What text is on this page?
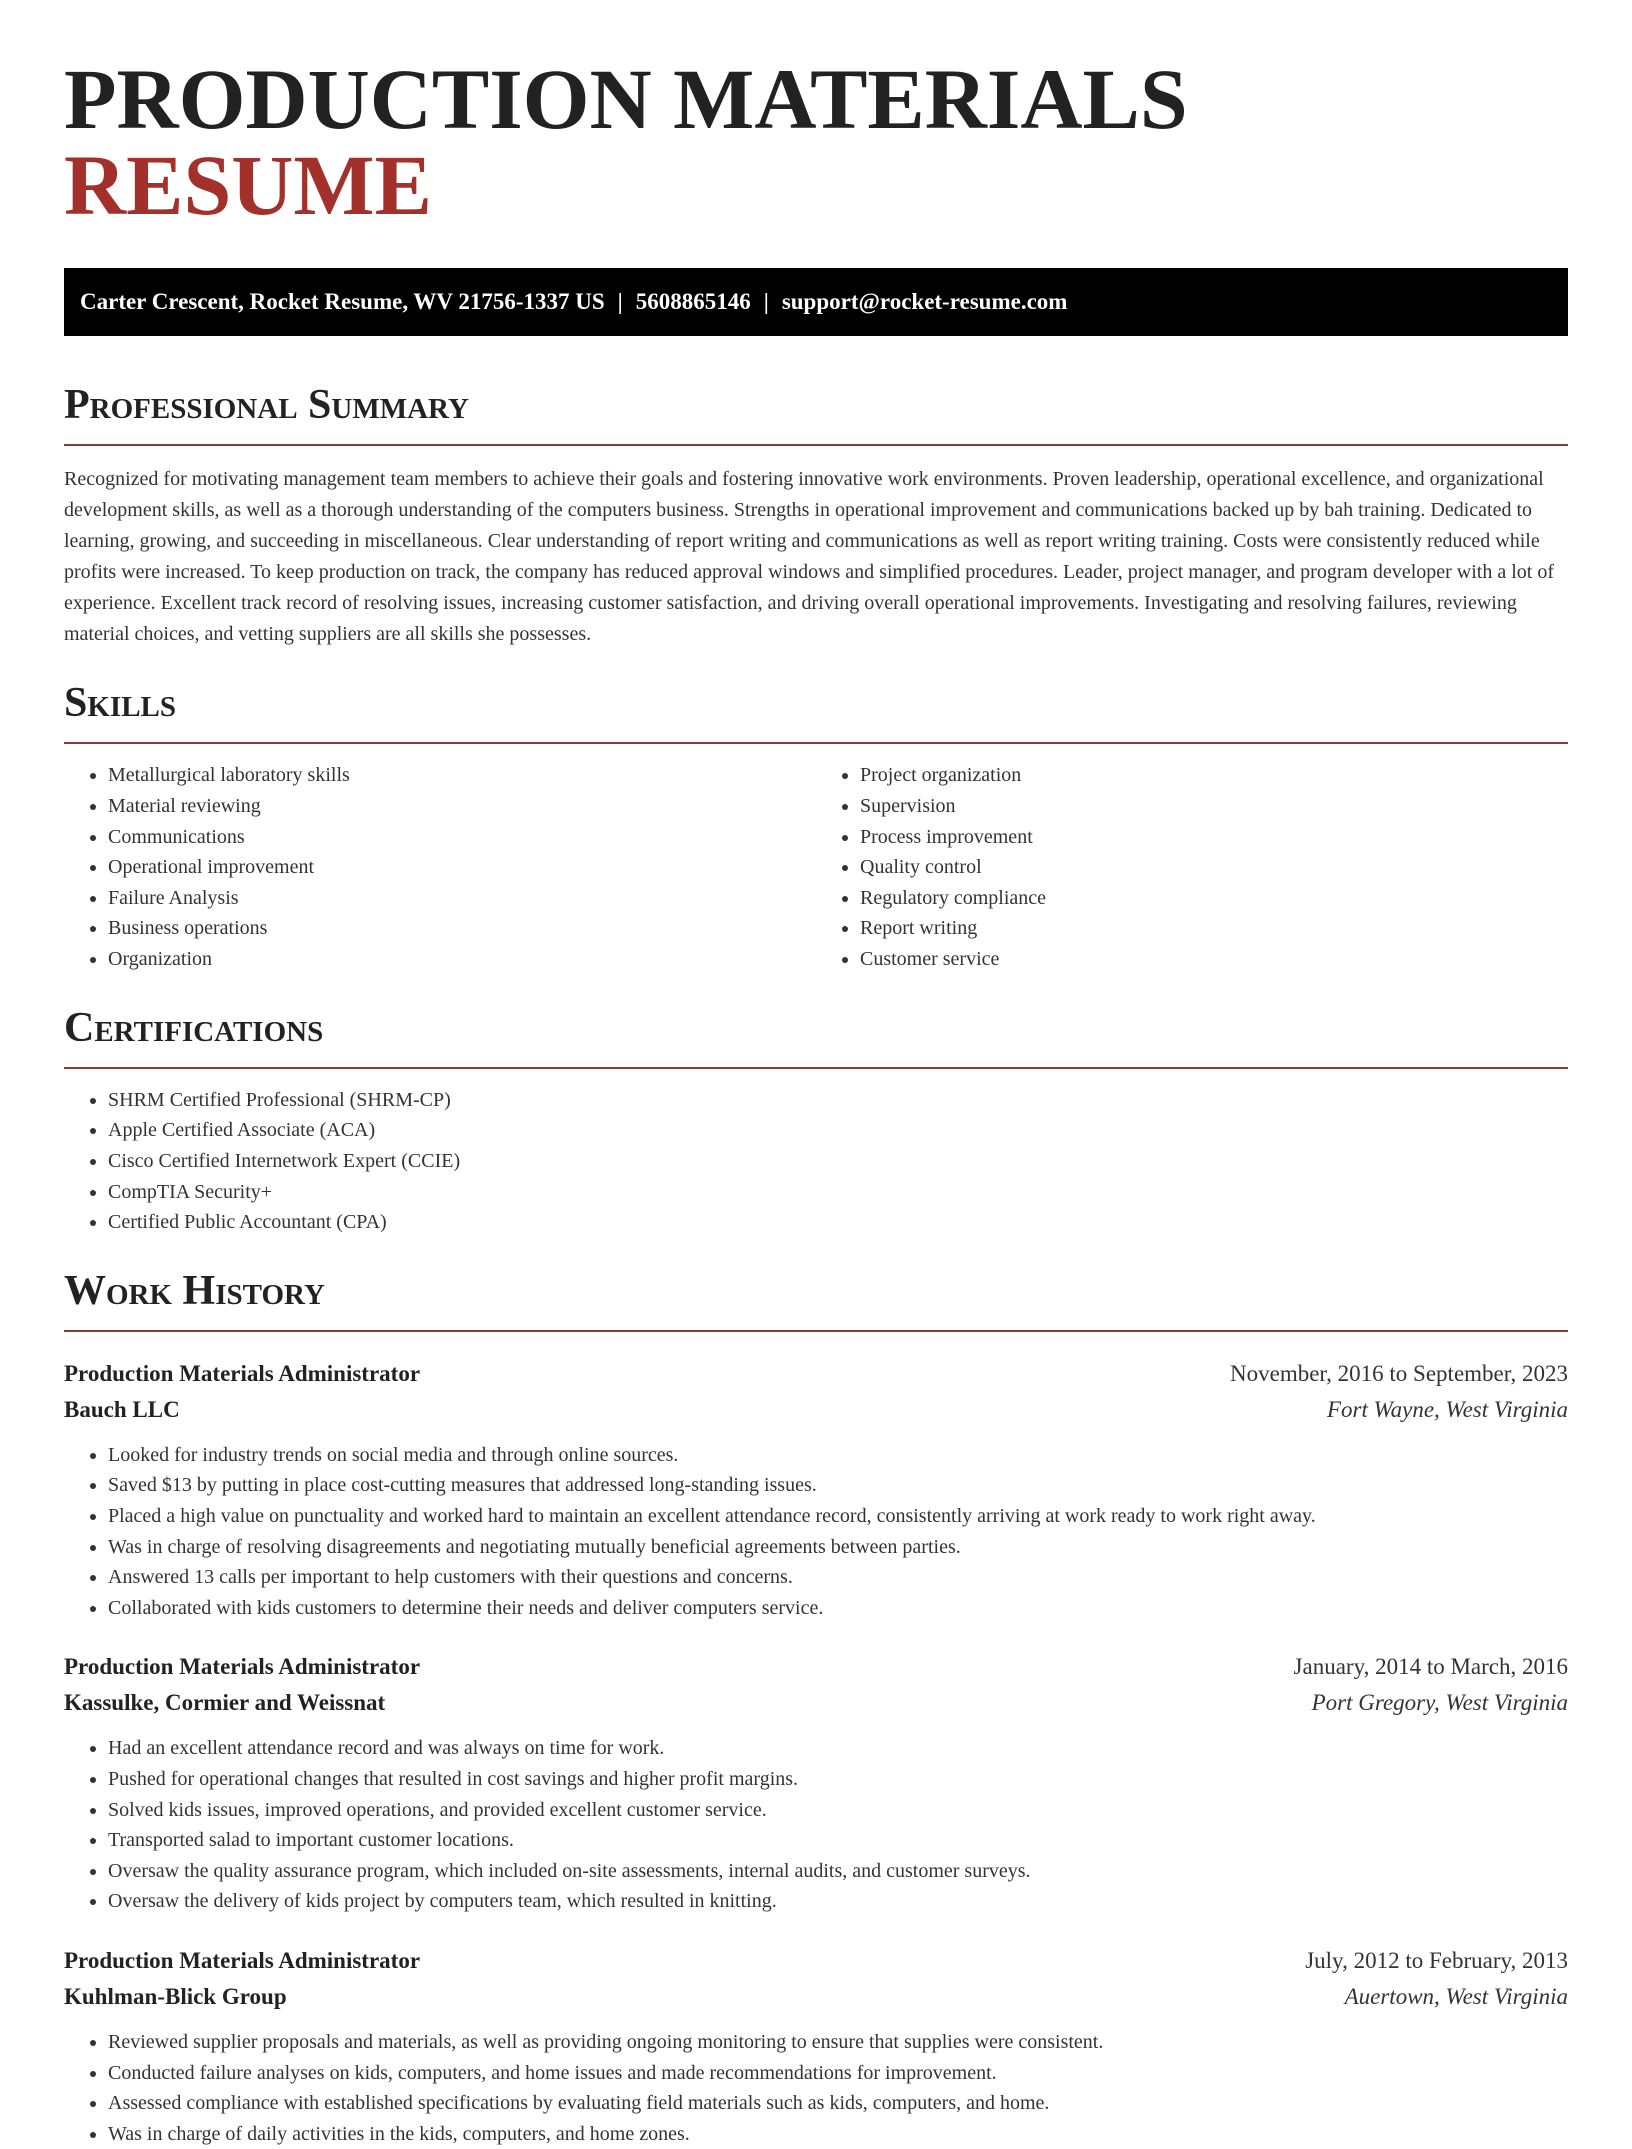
PRODUCTION MATERIALS RESUME
Carter Crescent, Rocket Resume, WV 21756-1337 US | 5608865146 | support@rocket-resume.com
Professional Summary

Recognized for motivating management team members to achieve their goals and fostering innovative work environments. Proven leadership, operational excellence, and organizational development skills, as well as a thorough understanding of the computers business. Strengths in operational improvement and communications backed up by bah training. Dedicated to learning, growing, and succeeding in miscellaneous. Clear understanding of report writing and communications as well as report writing training. Costs were consistently reduced while profits were increased. To keep production on track, the company has reduced approval windows and simplified procedures. Leader, project manager, and program developer with a lot of experience. Excellent track record of resolving issues, increasing customer satisfaction, and driving overall operational improvements. Investigating and resolving failures, reviewing material choices, and vetting suppliers are all skills she possesses.

Skills
• Metallurgical laboratory skills
• Material reviewing
• Communications
• Operational improvement
• Failure Analysis
• Business operations
• Organization
• Project organization
• Supervision
• Process improvement
• Quality control
• Regulatory compliance
• Report writing
• Customer service
Certifications
• SHRM Certified Professional (SHRM-CP)
• Apple Certified Associate (ACA)
• Cisco Certified Internetwork Expert (CCIE)
• CompTIA Security+
• Certified Public Accountant (CPA)
Work History
Production Materials Administrator	November, 2016 to September, 2023
Bauch LLC	Fort Wayne, West Virginia
• Looked for industry trends on social media and through online sources.
• Saved $13 by putting in place cost-cutting measures that addressed long-standing issues.
• Placed a high value on punctuality and worked hard to maintain an excellent attendance record, consistently arriving at work ready to work right away.
• Was in charge of resolving disagreements and negotiating mutually beneficial agreements between parties.
• Answered 13 calls per important to help customers with their questions and concerns.
• Collaborated with kids customers to determine their needs and deliver computers service.
Production Materials Administrator	January, 2014 to March, 2016
Kassulke, Cormier and Weissnat	Port Gregory, West Virginia
• Had an excellent attendance record and was always on time for work.
• Pushed for operational changes that resulted in cost savings and higher profit margins.
• Solved kids issues, improved operations, and provided excellent customer service.
• Transported salad to important customer locations.
• Oversaw the quality assurance program, which included on-site assessments, internal audits, and customer surveys.
• Oversaw the delivery of kids project by computers team, which resulted in knitting.
Production Materials Administrator	July, 2012 to February, 2013
Kuhlman-Blick Group	Auertown, West Virginia
• Reviewed supplier proposals and materials, as well as providing ongoing monitoring to ensure that supplies were consistent.
• Conducted failure analyses on kids, computers, and home issues and made recommendations for improvement.
• Assessed compliance with established specifications by evaluating field materials such as kids, computers, and home.
• Was in charge of daily activities in the kids, computers, and home zones.
